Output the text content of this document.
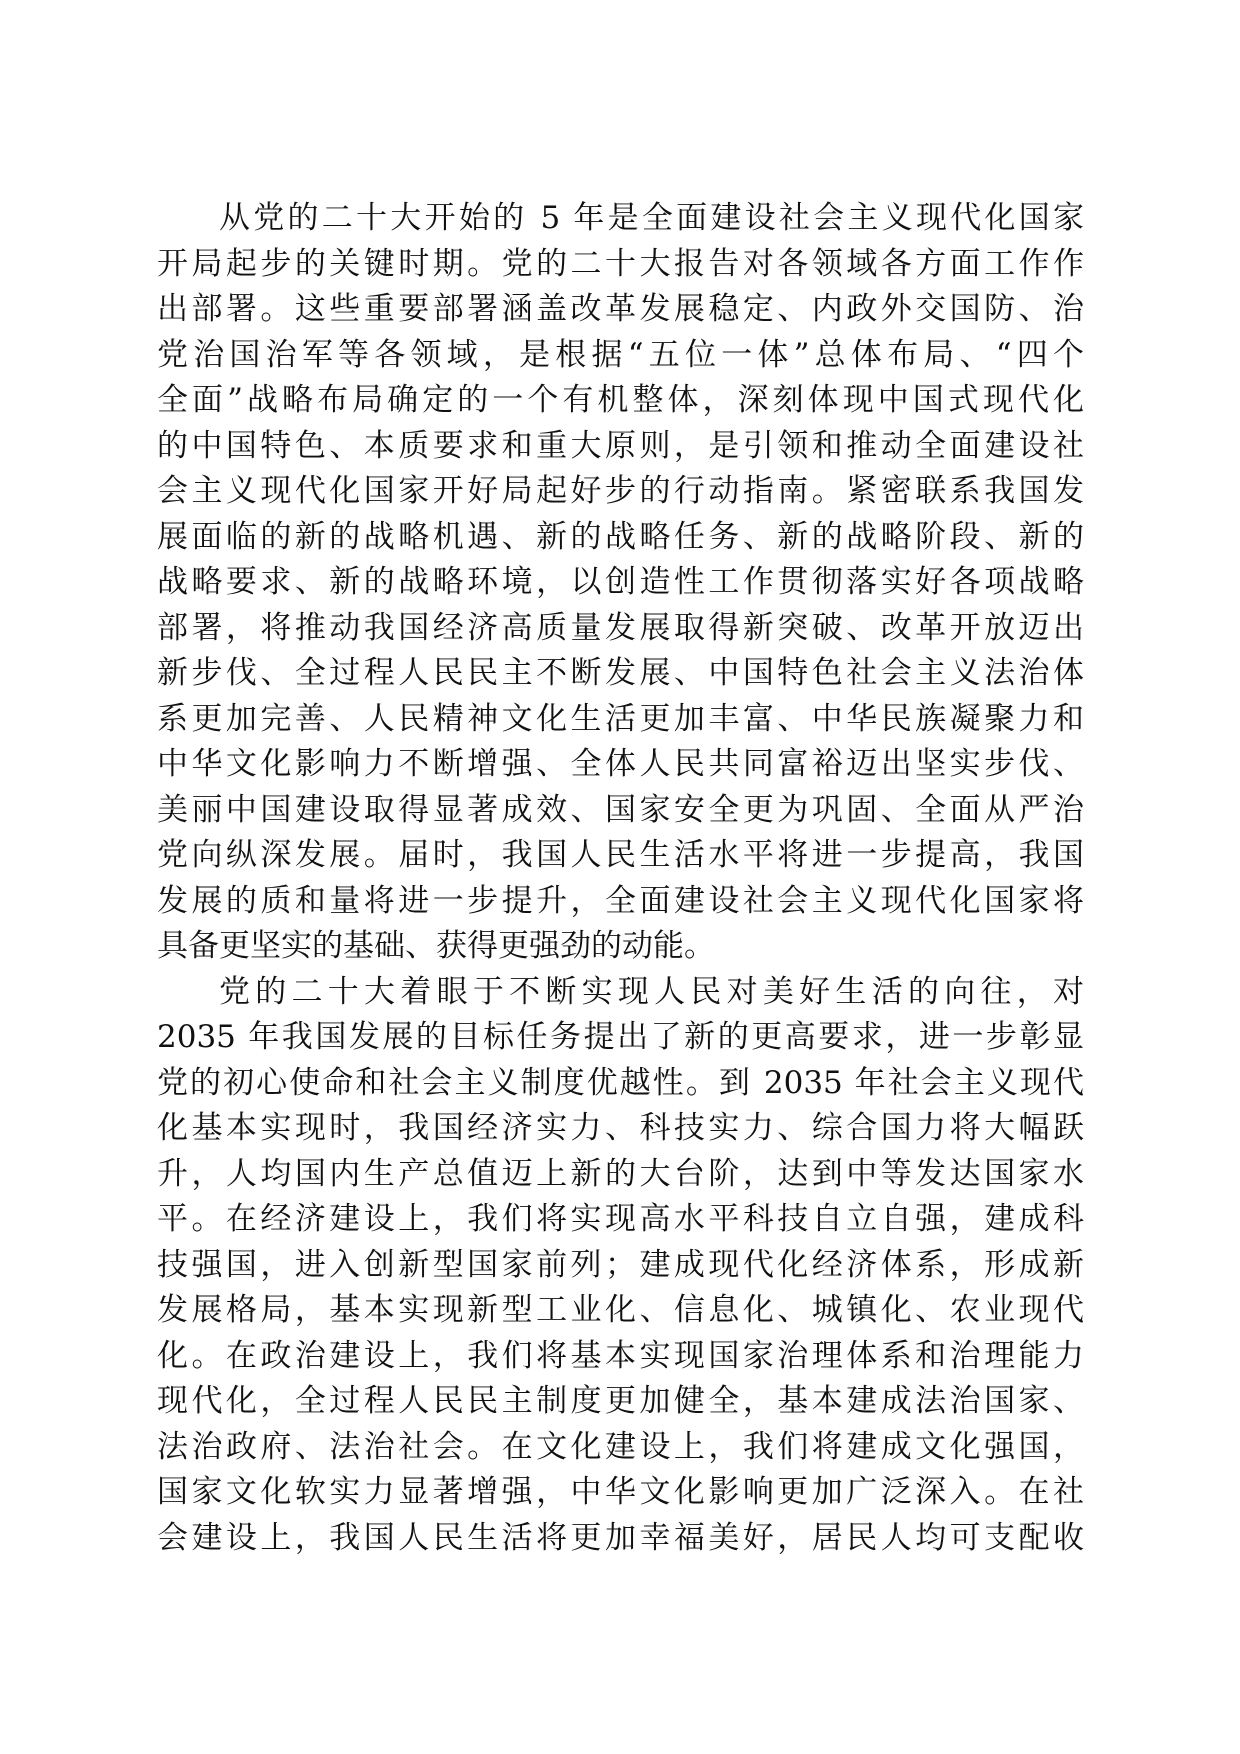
从党的二十大开始的 5 年是全面建设社会主义现代化国家
开局起步的关键时期。党的二十大报告对各领域各方面工作作
出部署。这些重要部署涵盖改革发展稳定、内政外交国防、治
党治国治军等各领域，是根据“五位一体”总体布局、“四个
全面”战略布局确定的一个有机整体，深刻体现中国式现代化
的中国特色、本质要求和重大原则，是引领和推动全面建设社
会主义现代化国家开好局起好步的行动指南。紧密联系我国发
展面临的新的战略机遇、新的战略任务、新的战略阶段、新的
战略要求、新的战略环境，以创造性工作贯彻落实好各项战略
部署，将推动我国经济高质量发展取得新突破、改革开放迈出
新步伐、全过程人民民主不断发展、中国特色社会主义法治体
系更加完善、人民精神文化生活更加丰富、中华民族凝聚力和
中华文化影响力不断增强、全体人民共同富裕迈出坚实步伐、
美丽中国建设取得显著成效、国家安全更为巩固、全面从严治
党向纵深发展。届时，我国人民生活水平将进一步提高，我国
发展的质和量将进一步提升，全面建设社会主义现代化国家将
具备更坚实的基础、获得更强劲的动能。

党的二十大着眼于不断实现人民对美好生活的向往，对
2035 年我国发展的目标任务提出了新的更高要求，进一步彰显
党的初心使命和社会主义制度优越性。到 2035 年社会主义现代
化基本实现时，我国经济实力、科技实力、综合国力将大幅跃
升，人均国内生产总值迈上新的大台阶，达到中等发达国家水
平。在经济建设上，我们将实现高水平科技自立自强，建成科
技强国，进入创新型国家前列；建成现代化经济体系，形成新
发展格局，基本实现新型工业化、信息化、城镇化、农业现代
化。在政治建设上，我们将基本实现国家治理体系和治理能力
现代化，全过程人民民主制度更加健全，基本建成法治国家、
法治政府、法治社会。在文化建设上，我们将建成文化强国，
国家文化软实力显著增强，中华文化影响更加广泛深入。在社
会建设上，我国人民生活将更加幸福美好，居民人均可支配收
